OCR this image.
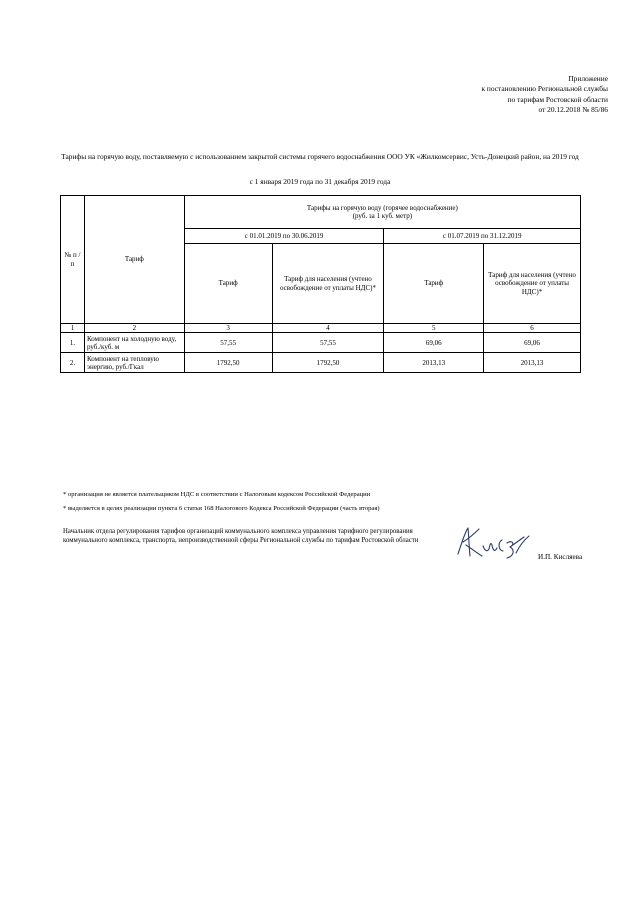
Приложение
к постановлению Региональной службы
по тарифам Ростовской области
от 20.12.2018 № 85/86
Тарифы на горячую воду, поставляемую с использованием закрытой системы горячего водоснабжения ООО УК «Жилкомсервис, Усть-Донецкий район, на 2019 год
с 1 января 2019 года по 31 декабря 2019 года
№ п /п	Тариф	Тарифы на горячую воду (горячее водоснабжение)
(руб. за 1 куб. метр)			

		с 01.01.2019 по 30.06.2019		с 01.07.2019 по 31.12.2019	
		Тариф	Тариф для населения (учтено освобождение от уплаты НДС)*	Тариф	Тариф для населения (учтено освобождение от уплаты НДС)*
1	2	3	4	5	6
1.	Компонент на холодную воду, руб./куб. м	57,55	57,55	69,06	69,06
2.	Компонент на тепловую энергию, руб./Гкал	1792,50	1792,50	2013,13	2013,13
* организация не является плательщиком НДС в соответствии с Налоговым кодексом Российской Федерации
* выделяется в целях реализации пункта 6 статьи 168 Налогового Кодекса Российской Федерации (часть вторая)
Начальник отдела регулирования тарифов организаций коммунального комплекса управления тарифного регулирования коммунального комплекса, транспорта, непроизводственной сферы Региональной службы по тарифам Ростовской области
И.П. Кисляева
